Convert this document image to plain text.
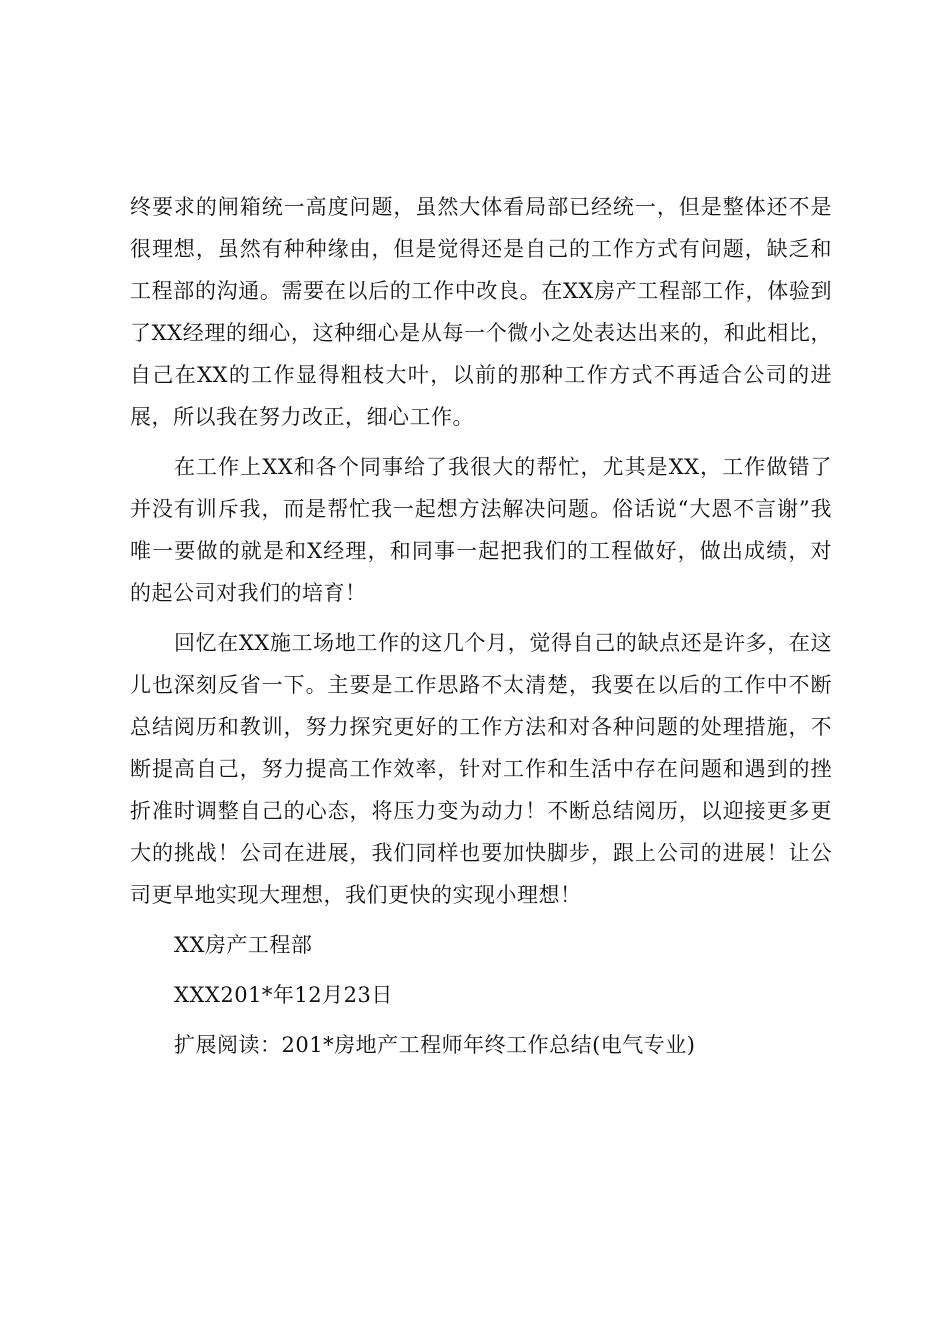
终要求的闸箱统一高度问题，虽然大体看局部已经统一，但是整体还不是很理想，虽然有种种缘由，但是觉得还是自己的工作方式有问题，缺乏和工程部的沟通。需要在以后的工作中改良。在XX房产工程部工作，体验到了XX经理的细心，这种细心是从每一个微小之处表达出来的，和此相比，自己在XX的工作显得粗枝大叶，以前的那种工作方式不再适合公司的进展，所以我在努力改正，细心工作。

在工作上XX和各个同事给了我很大的帮忙，尤其是XX，工作做错了并没有训斥我，而是帮忙我一起想方法解决问题。俗话说“大恩不言谢”我唯一要做的就是和X经理，和同事一起把我们的工程做好，做出成绩，对的起公司对我们的培育！

回忆在XX施工场地工作的这几个月，觉得自己的缺点还是许多，在这儿也深刻反省一下。主要是工作思路不太清楚，我要在以后的工作中不断总结阅历和教训，努力探究更好的工作方法和对各种问题的处理措施，不断提高自己，努力提高工作效率，针对工作和生活中存在问题和遇到的挫折准时调整自己的心态，将压力变为动力！不断总结阅历，以迎接更多更大的挑战！公司在进展，我们同样也要加快脚步，跟上公司的进展！让公司更早地实现大理想，我们更快的实现小理想！

XX房产工程部

XXX201*年12月23日

扩展阅读：201*房地产工程师年终工作总结(电气专业)
